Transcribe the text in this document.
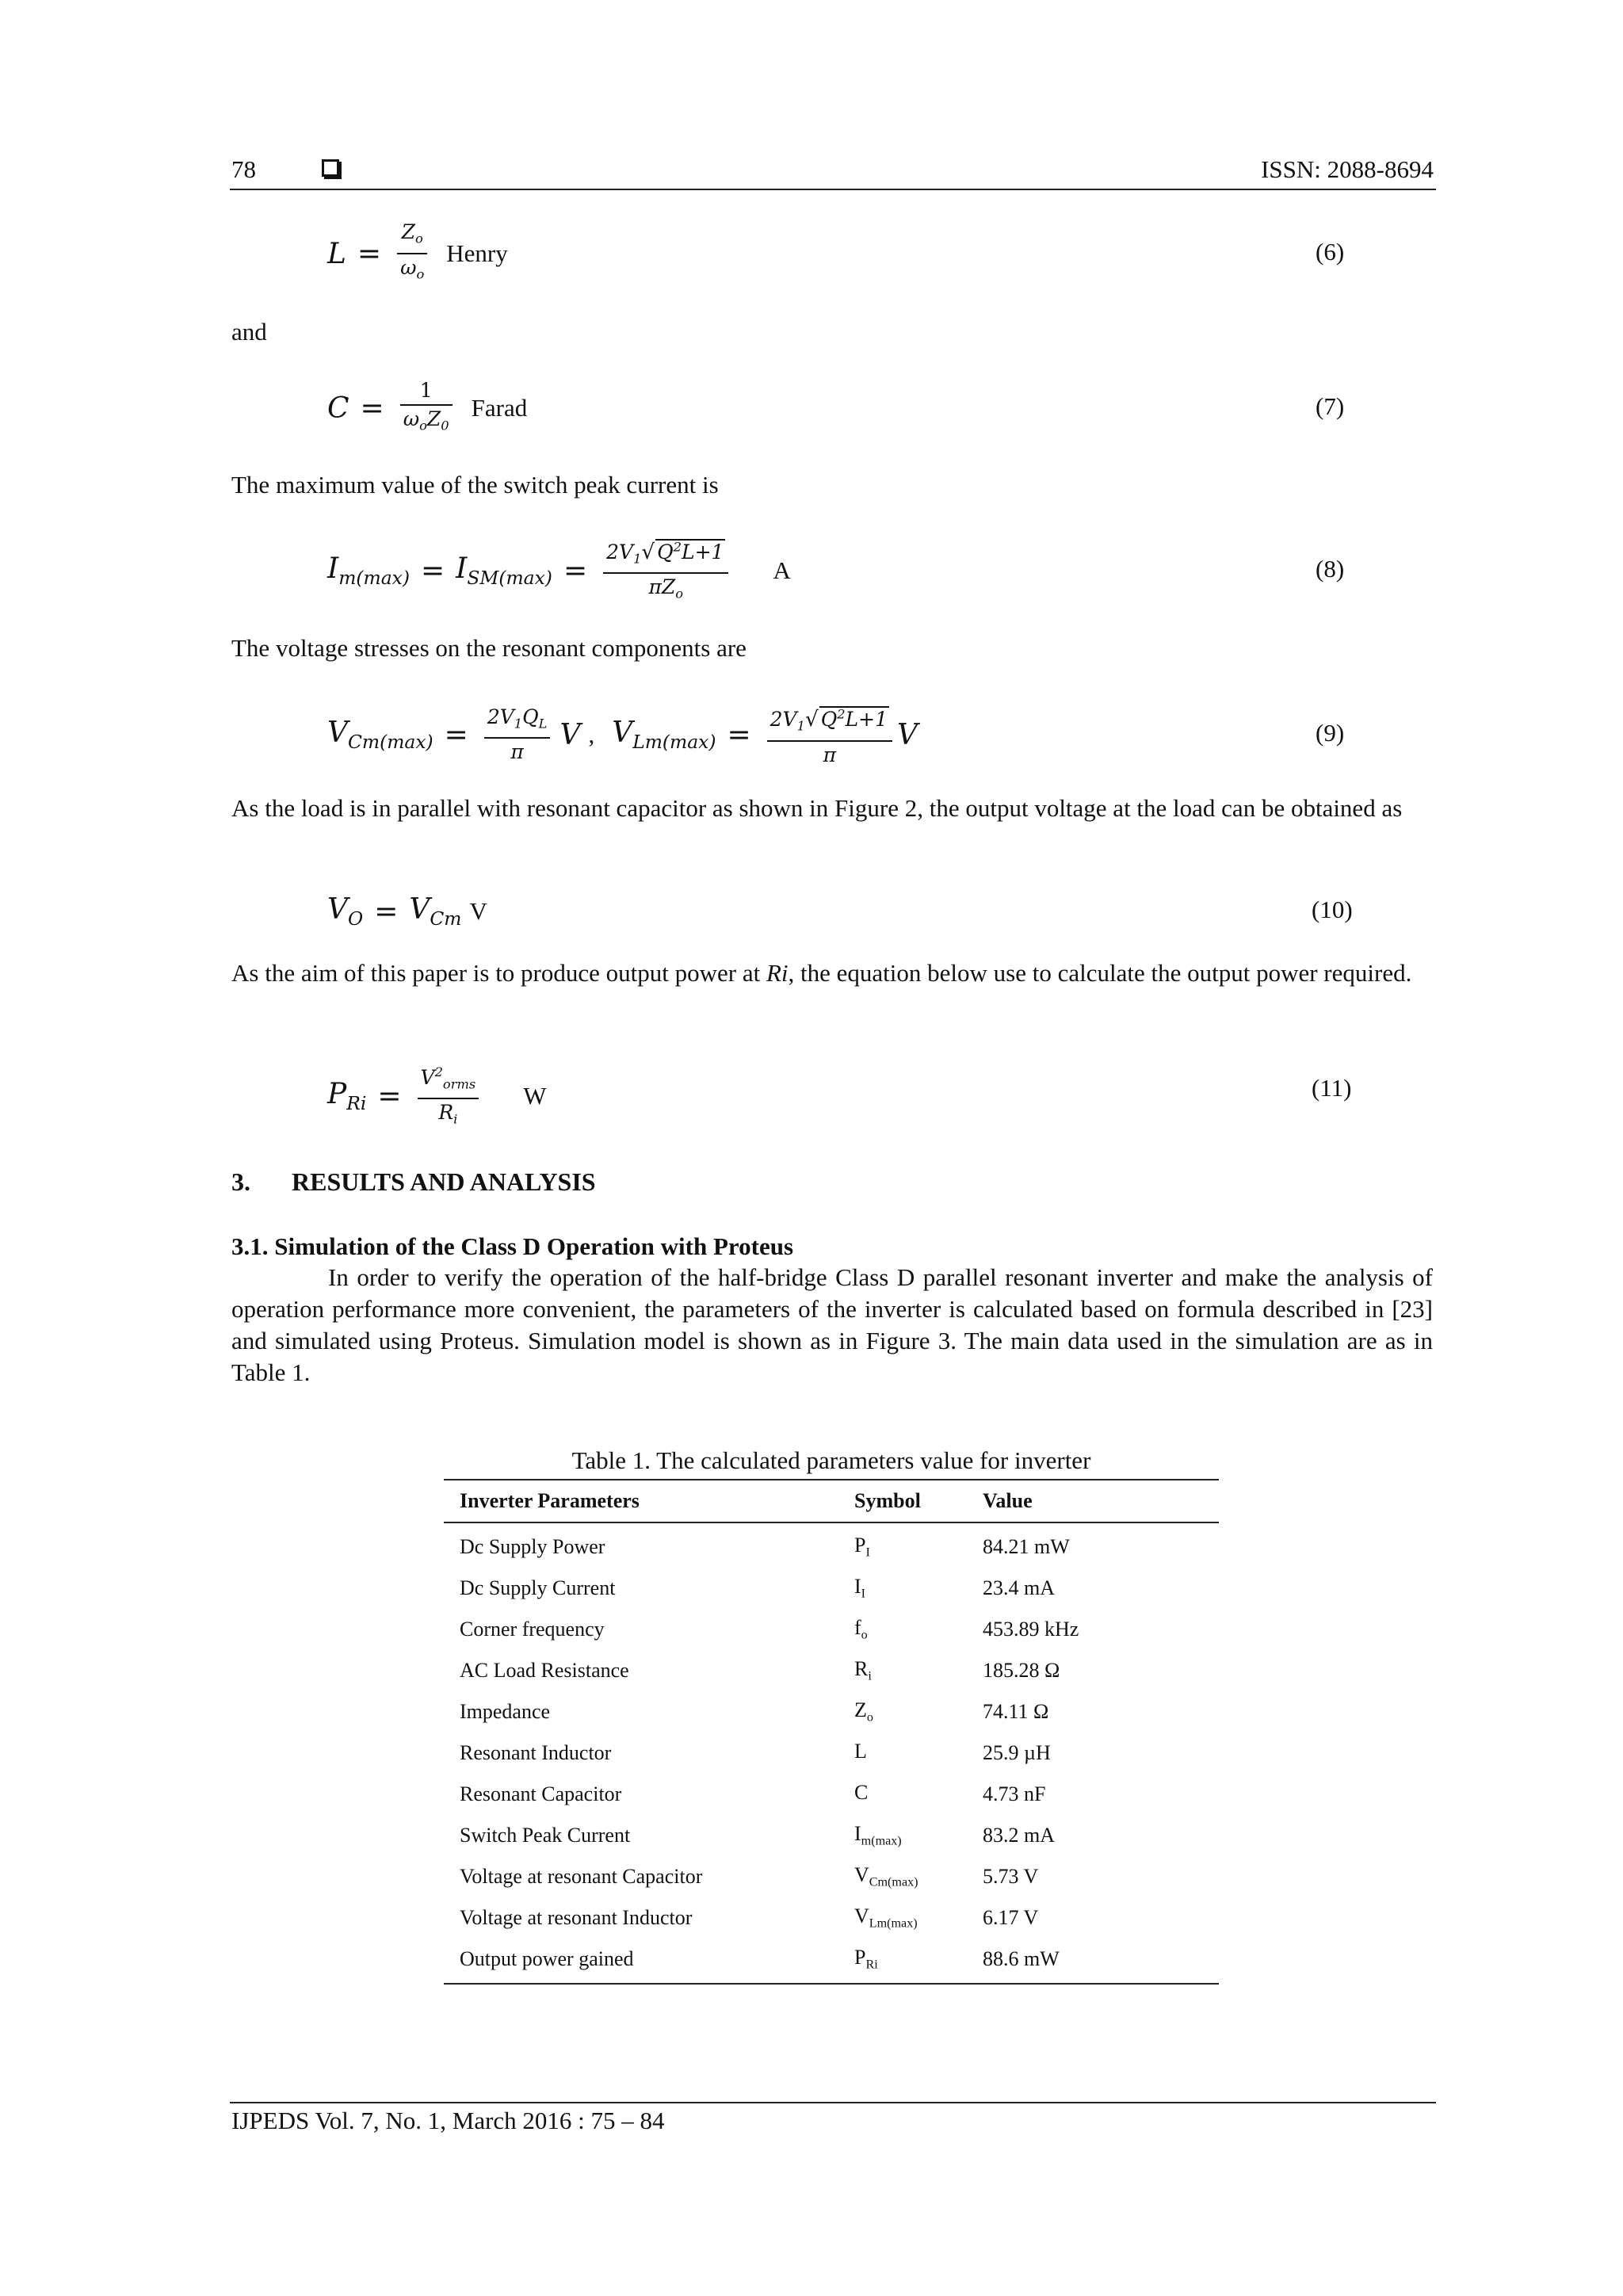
78	ISSN: 2088-8694
$L = \frac{Z_o}{\omega_o}$ Henry	(6)
and
$C = \frac{1}{\omega_oZ_0}$ Farad	(7)
The maximum value of the switch peak current is
$I_{m(max)} = I_{SM(max)} = \frac{2V_1√ Q^2L+1}{\pi Z_o}$ A	(8)
The voltage stresses on the resonant components are
$V_{Cm(max)} = \frac{2V_1Q_L}{\pi}$ V , $V_{Lm(max)} = \frac{2V_1√ Q^2L+1}{\pi}$ V	(9)
As the load is in parallel with resonant capacitor as shown in Figure 2, the output voltage at the load can be obtained as
$V_O = V_{Cm}$ V	(10)
As the aim of this paper is to produce output power at Ri, the equation below use to calculate the output power required.
$P_{Ri} = \frac{V^2_{orms}}{R_i}$ W	(11)
3. RESULTS AND ANALYSIS
3.1. Simulation of the Class D Operation with Proteus
In order to verify the operation of the half-bridge Class D parallel resonant inverter and make the analysis of operation performance more convenient, the parameters of the inverter is calculated based on formula described in [23] and simulated using Proteus. Simulation model is shown as in Figure 3. The main data used in the simulation are as in Table 1.
Table 1. The calculated parameters value for inverter
Inverter Parameters	Symbol	Value
Dc Supply Power	$P_I$	84.21 mW
Dc Supply Current	$I_I$	23.4 mA
Corner frequency	$f_o$	453.89 kHz
AC Load Resistance	$R_i$	185.28 Ω
Impedance	$Z_o$	74.11 Ω
Resonant Inductor	L	25.9 µH
Resonant Capacitor	C	4.73 nF
Switch Peak Current	$I_{m(max)}$	83.2 mA
Voltage at resonant Capacitor	$V_{Cm(max)}$	5.73 V
Voltage at resonant Inductor	$V_{Lm(max)}$	6.17 V
Output power gained	$P_{Ri}$	88.6 mW
IJPEDS Vol. 7, No. 1, March 2016 : 75 – 84
